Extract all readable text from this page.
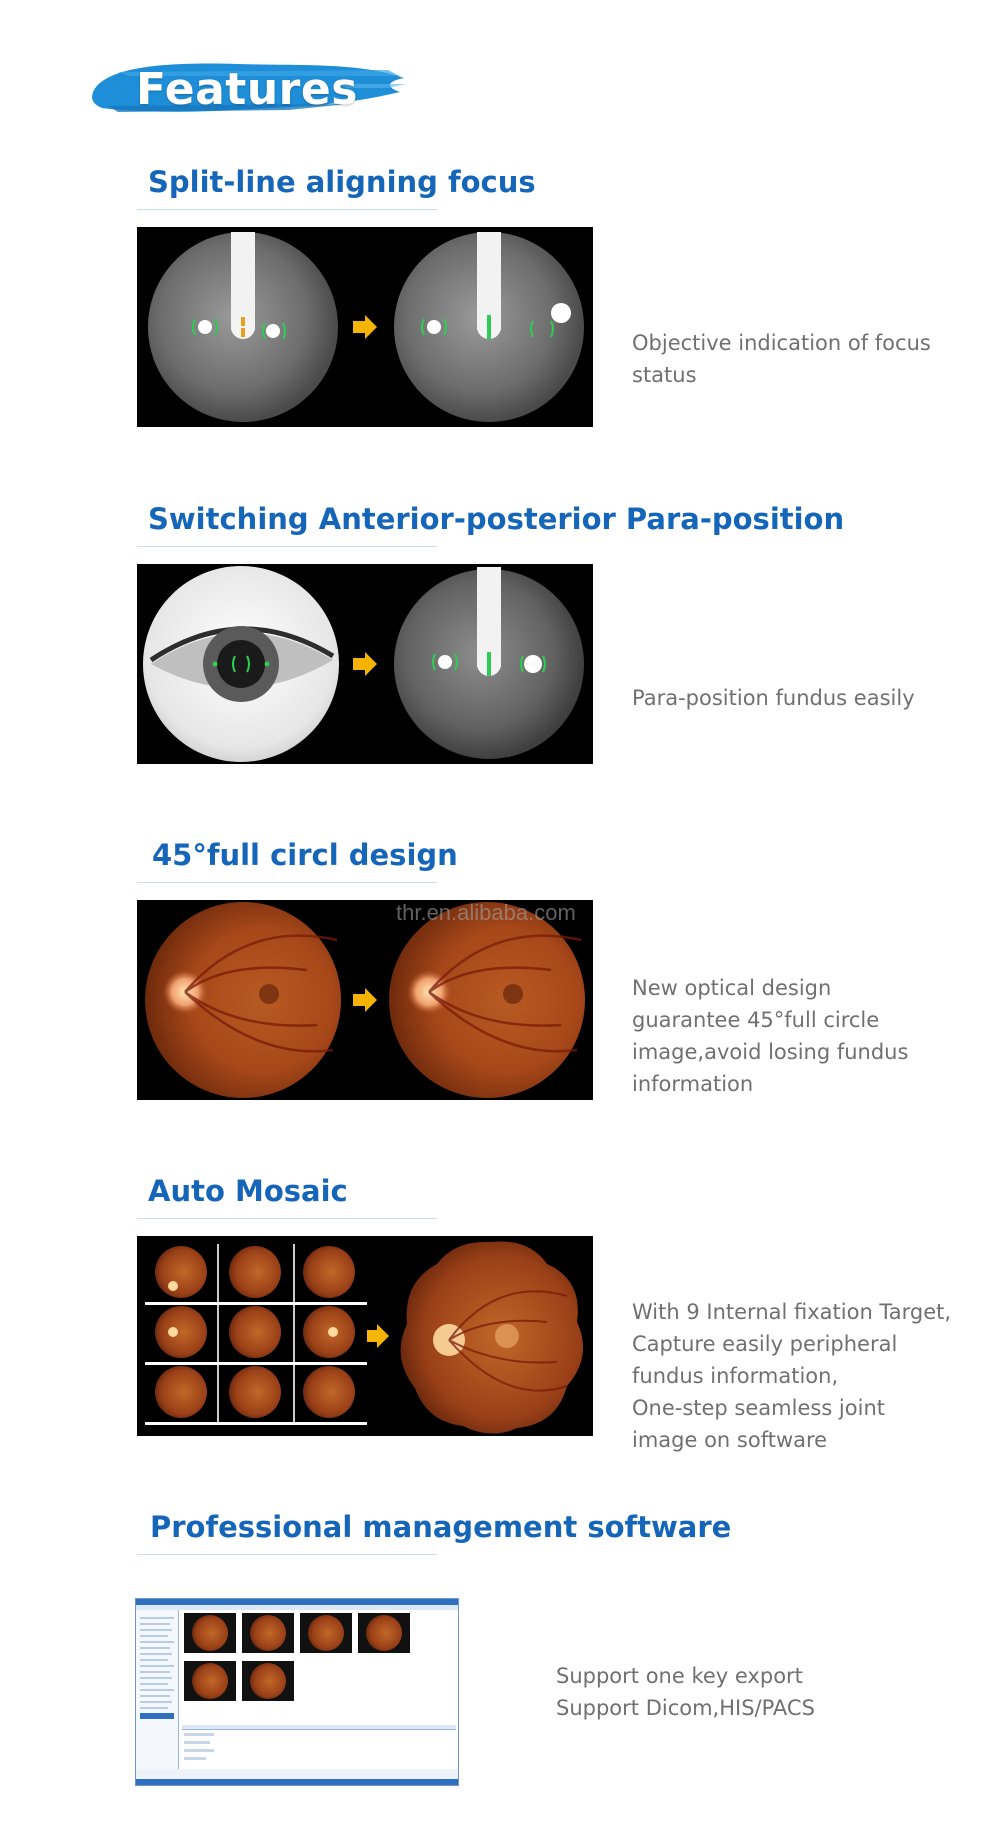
Features
Split-line aligning focus
Objective indication of focus
status
Switching Anterior-posterior Para-position
Para-position fundus easily
45°full circl design
New optical design
guarantee 45°full circle
image,avoid losing fundus
information
thr.en.alibaba.com
Auto Mosaic
With 9 Internal fixation Target,
Capture easily peripheral
fundus information,
One-step seamless joint
image on software
Professional management software
Support one key export
Support Dicom,HIS/PACS
